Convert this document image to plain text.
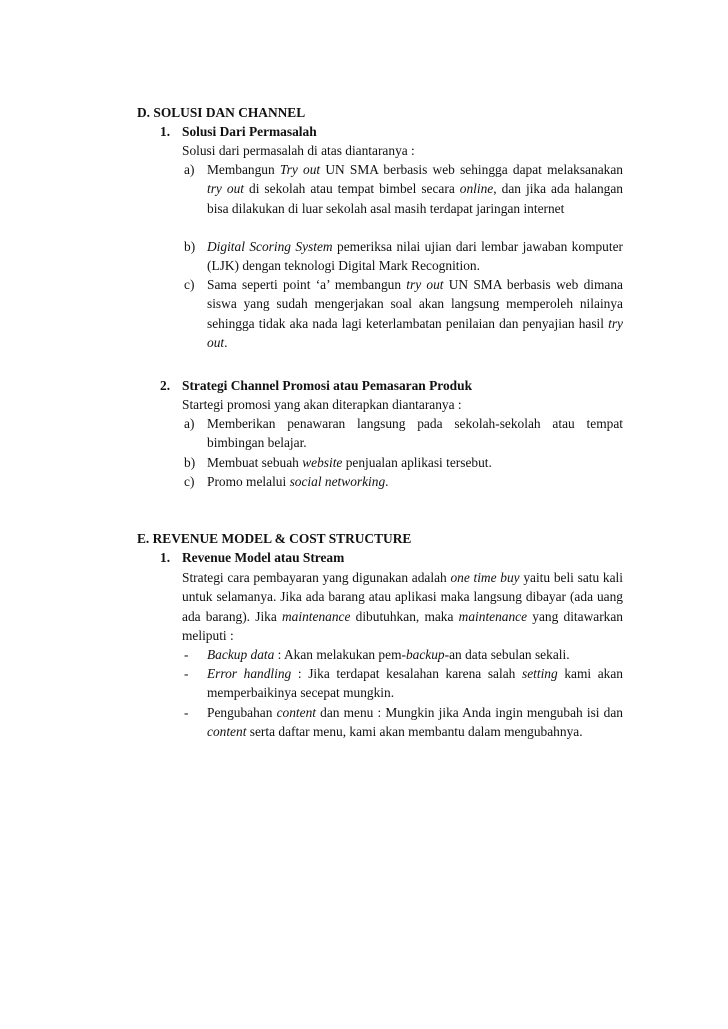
D. SOLUSI DAN CHANNEL
1. Solusi Dari Permasalah
Solusi dari permasalah di atas diantaranya :
a) Membangun Try out UN SMA berbasis web sehingga dapat melaksanakan try out di sekolah atau tempat bimbel secara online, dan jika ada halangan bisa dilakukan di luar sekolah asal masih terdapat jaringan internet
b) Digital Scoring System pemeriksa nilai ujian dari lembar jawaban komputer (LJK) dengan teknologi Digital Mark Recognition.
c) Sama seperti point ‘a’ membangun try out UN SMA berbasis web dimana siswa yang sudah mengerjakan soal akan langsung memperoleh nilainya sehingga tidak aka nada lagi keterlambatan penilaian dan penyajian hasil try out.
2. Strategi Channel Promosi atau Pemasaran Produk
Startegi promosi yang akan diterapkan diantaranya :
a) Memberikan penawaran langsung pada sekolah-sekolah atau tempat bimbingan belajar.
b) Membuat sebuah website penjualan aplikasi tersebut.
c) Promo melalui social networking.
E. REVENUE MODEL & COST STRUCTURE
1. Revenue Model atau Stream
Strategi cara pembayaran yang digunakan adalah one time buy yaitu beli satu kali untuk selamanya. Jika ada barang atau aplikasi maka langsung dibayar (ada uang ada barang). Jika maintenance dibutuhkan, maka maintenance yang ditawarkan meliputi :
- Backup data : Akan melakukan pem-backup-an data sebulan sekali.
- Error handling : Jika terdapat kesalahan karena salah setting kami akan memperbaikinya secepat mungkin.
- Pengubahan content dan menu : Mungkin jika Anda ingin mengubah isi dan content serta daftar menu, kami akan membantu dalam mengubahnya.
